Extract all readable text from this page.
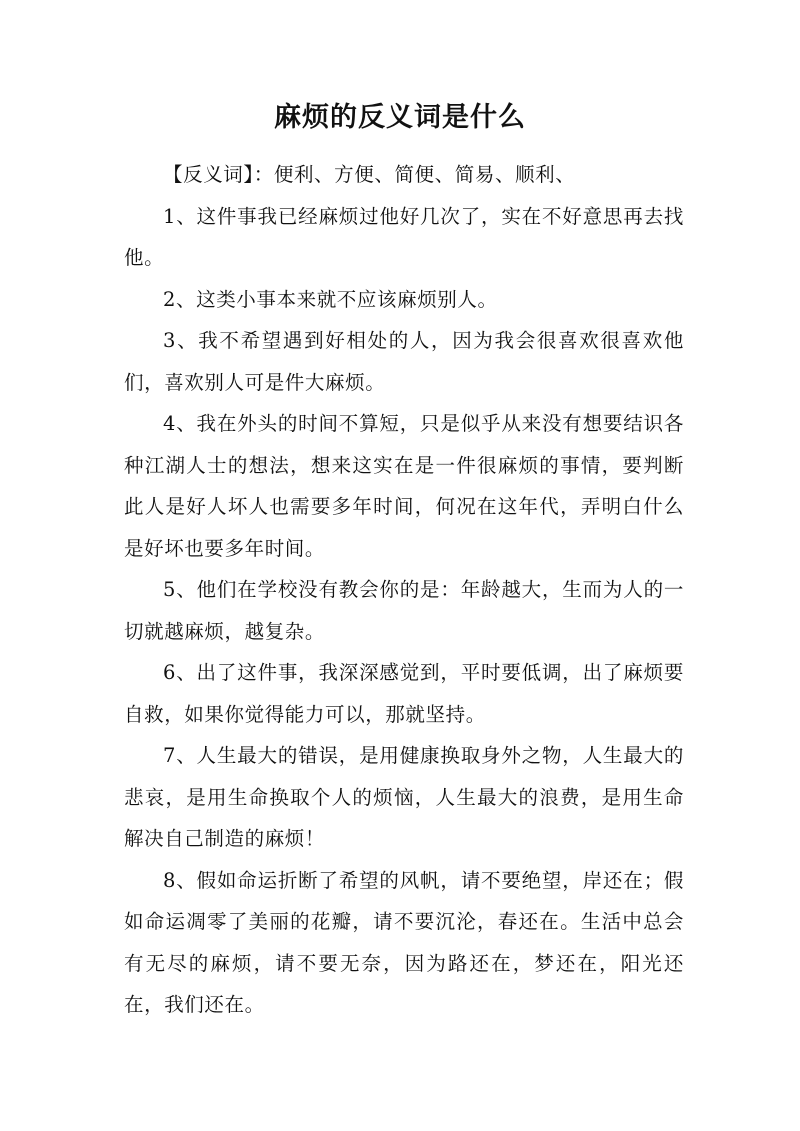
麻烦的反义词是什么

【反义词】：便利、方便、简便、简易、顺利、

1、这件事我已经麻烦过他好几次了，实在不好意思再去找他。

2、这类小事本来就不应该麻烦别人。

3、我不希望遇到好相处的人，因为我会很喜欢很喜欢他们，喜欢别人可是件大麻烦。

4、我在外头的时间不算短，只是似乎从来没有想要结识各种江湖人士的想法，想来这实在是一件很麻烦的事情，要判断此人是好人坏人也需要多年时间，何况在这年代，弄明白什么是好坏也要多年时间。

5、他们在学校没有教会你的是：年龄越大，生而为人的一切就越麻烦，越复杂。

6、出了这件事，我深深感觉到，平时要低调，出了麻烦要自救，如果你觉得能力可以，那就坚持。

7、人生最大的错误，是用健康换取身外之物，人生最大的悲哀，是用生命换取个人的烦恼，人生最大的浪费，是用生命解决自己制造的麻烦！

8、假如命运折断了希望的风帆，请不要绝望，岸还在；假如命运凋零了美丽的花瓣，请不要沉沦，春还在。生活中总会有无尽的麻烦，请不要无奈，因为路还在，梦还在，阳光还在，我们还在。
